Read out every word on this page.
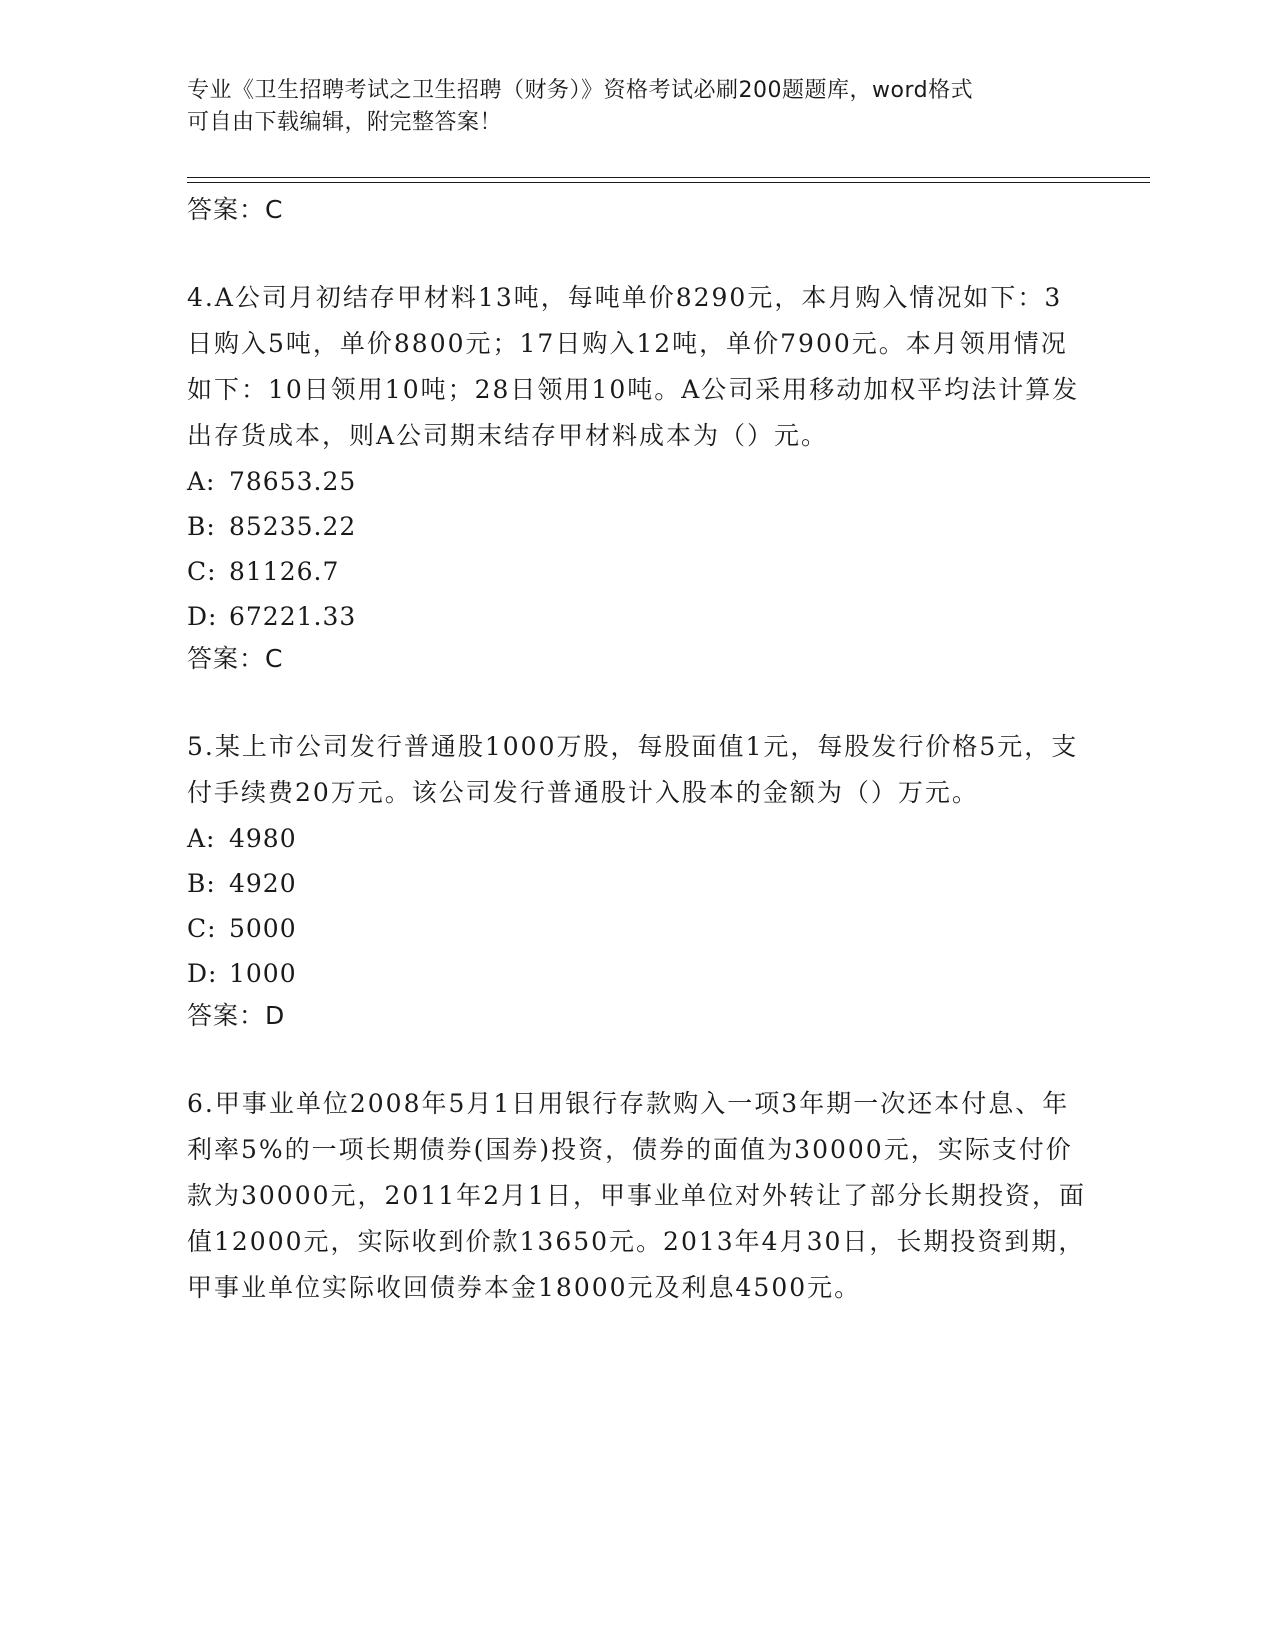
专业《卫生招聘考试之卫生招聘（财务）》资格考试必刷200题题库，word格式
可自由下载编辑，附完整答案！
答案：C
4.A公司月初结存甲材料13吨，每吨单价8290元，本月购入情况如下：3日购入5吨，单价8800元；17日购入12吨，单价7900元。本月领用情况如下：10日领用10吨；28日领用10吨。A公司采用移动加权平均法计算发出存货成本，则A公司期末结存甲材料成本为（）元。
A: 78653.25
B: 85235.22
C: 81126.7
D: 67221.33
答案：C
5.某上市公司发行普通股1000万股，每股面值1元，每股发行价格5元，支付手续费20万元。该公司发行普通股计入股本的金额为（）万元。
A: 4980
B: 4920
C: 5000
D: 1000
答案：D
6.甲事业单位2008年5月1日用银行存款购入一项3年期一次还本付息、年利率5%的一项长期债券(国券)投资，债券的面值为30000元，实际支付价款为30000元，2011年2月1日，甲事业单位对外转让了部分长期投资，面值12000元，实际收到价款13650元。2013年4月30日，长期投资到期，甲事业单位实际收回债券本金18000元及利息4500元。
